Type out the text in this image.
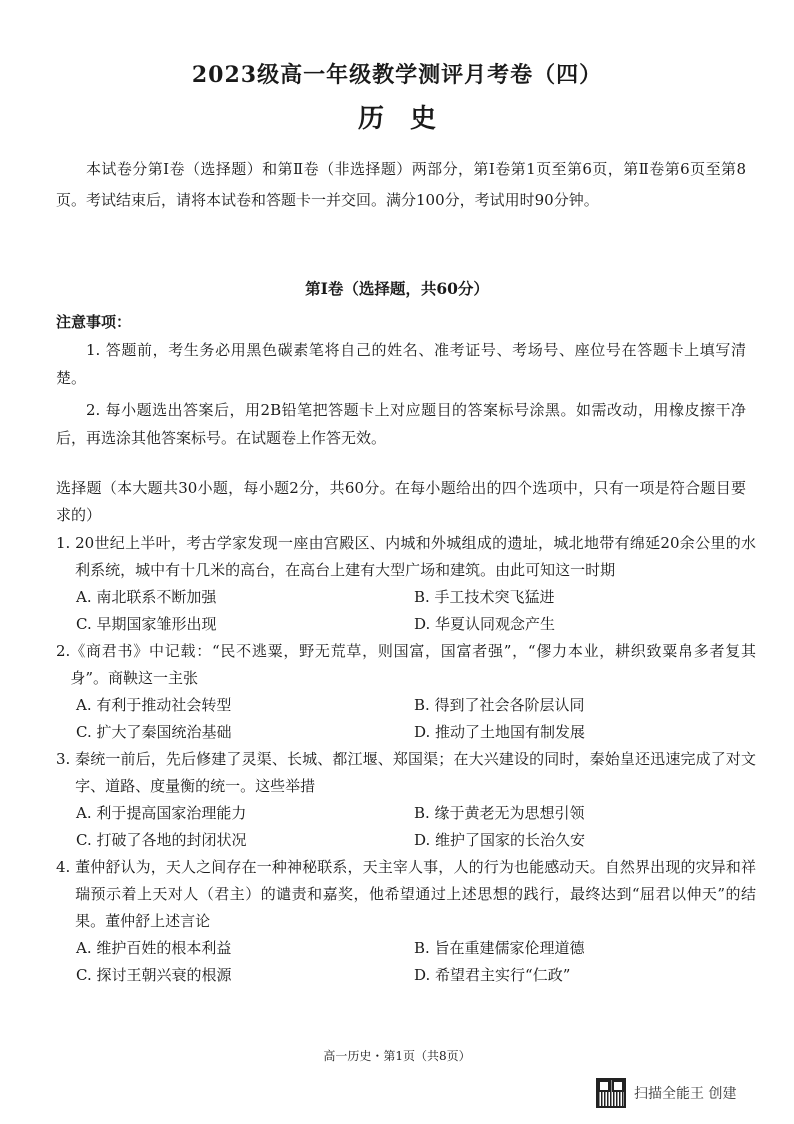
2023级高一年级教学测评月考卷（四）
历史
本试卷分第Ⅰ卷（选择题）和第Ⅱ卷（非选择题）两部分，第Ⅰ卷第1页至第6页，第Ⅱ卷第6页至第8页。考试结束后，请将本试卷和答题卡一并交回。满分100分，考试用时90分钟。
第Ⅰ卷（选择题，共60分）
注意事项：

1. 答题前，考生务必用黑色碳素笔将自己的姓名、准考证号、考场号、座位号在答题卡上填写清楚。

2. 每小题选出答案后，用2B铅笔把答题卡上对应题目的答案标号涂黑。如需改动，用橡皮擦干净后，再选涂其他答案标号。在试题卷上作答无效。

选择题（本大题共30小题，每小题2分，共60分。在每小题给出的四个选项中，只有一项是符合题目要求的）
1. 20世纪上半叶，考古学家发现一座由宫殿区、内城和外城组成的遗址，城北地带有绵延20余公里的水利系统，城中有十几米的高台，在高台上建有大型广场和建筑。由此可知这一时期
A. 南北联系不断加强	B. 手工技术突飞猛进
C. 早期国家雏形出现	D. 华夏认同观念产生
2. 《商君书》中记载：“民不逃粟，野无荒草，则国富，国富者强”，“僇力本业，耕织致粟帛多者复其身”。商鞅这一主张
A. 有利于推动社会转型	B. 得到了社会各阶层认同
C. 扩大了秦国统治基础	D. 推动了土地国有制发展
3. 秦统一前后，先后修建了灵渠、长城、都江堰、郑国渠；在大兴建设的同时，秦始皇还迅速完成了对文字、道路、度量衡的统一。这些举措
A. 利于提高国家治理能力	B. 缘于黄老无为思想引领
C. 打破了各地的封闭状况	D. 维护了国家的长治久安
4. 董仲舒认为，天人之间存在一种神秘联系，天主宰人事，人的行为也能感动天。自然界出现的灾异和祥瑞预示着上天对人（君主）的谴责和嘉奖，他希望通过上述思想的践行，最终达到“屈君以伸天”的结果。董仲舒上述言论
A. 维护百姓的根本利益	B. 旨在重建儒家伦理道德
C. 探讨王朝兴衰的根源	D. 希望君主实行“仁政”
高一历史・第1页（共8页）
扫描全能王 创建
